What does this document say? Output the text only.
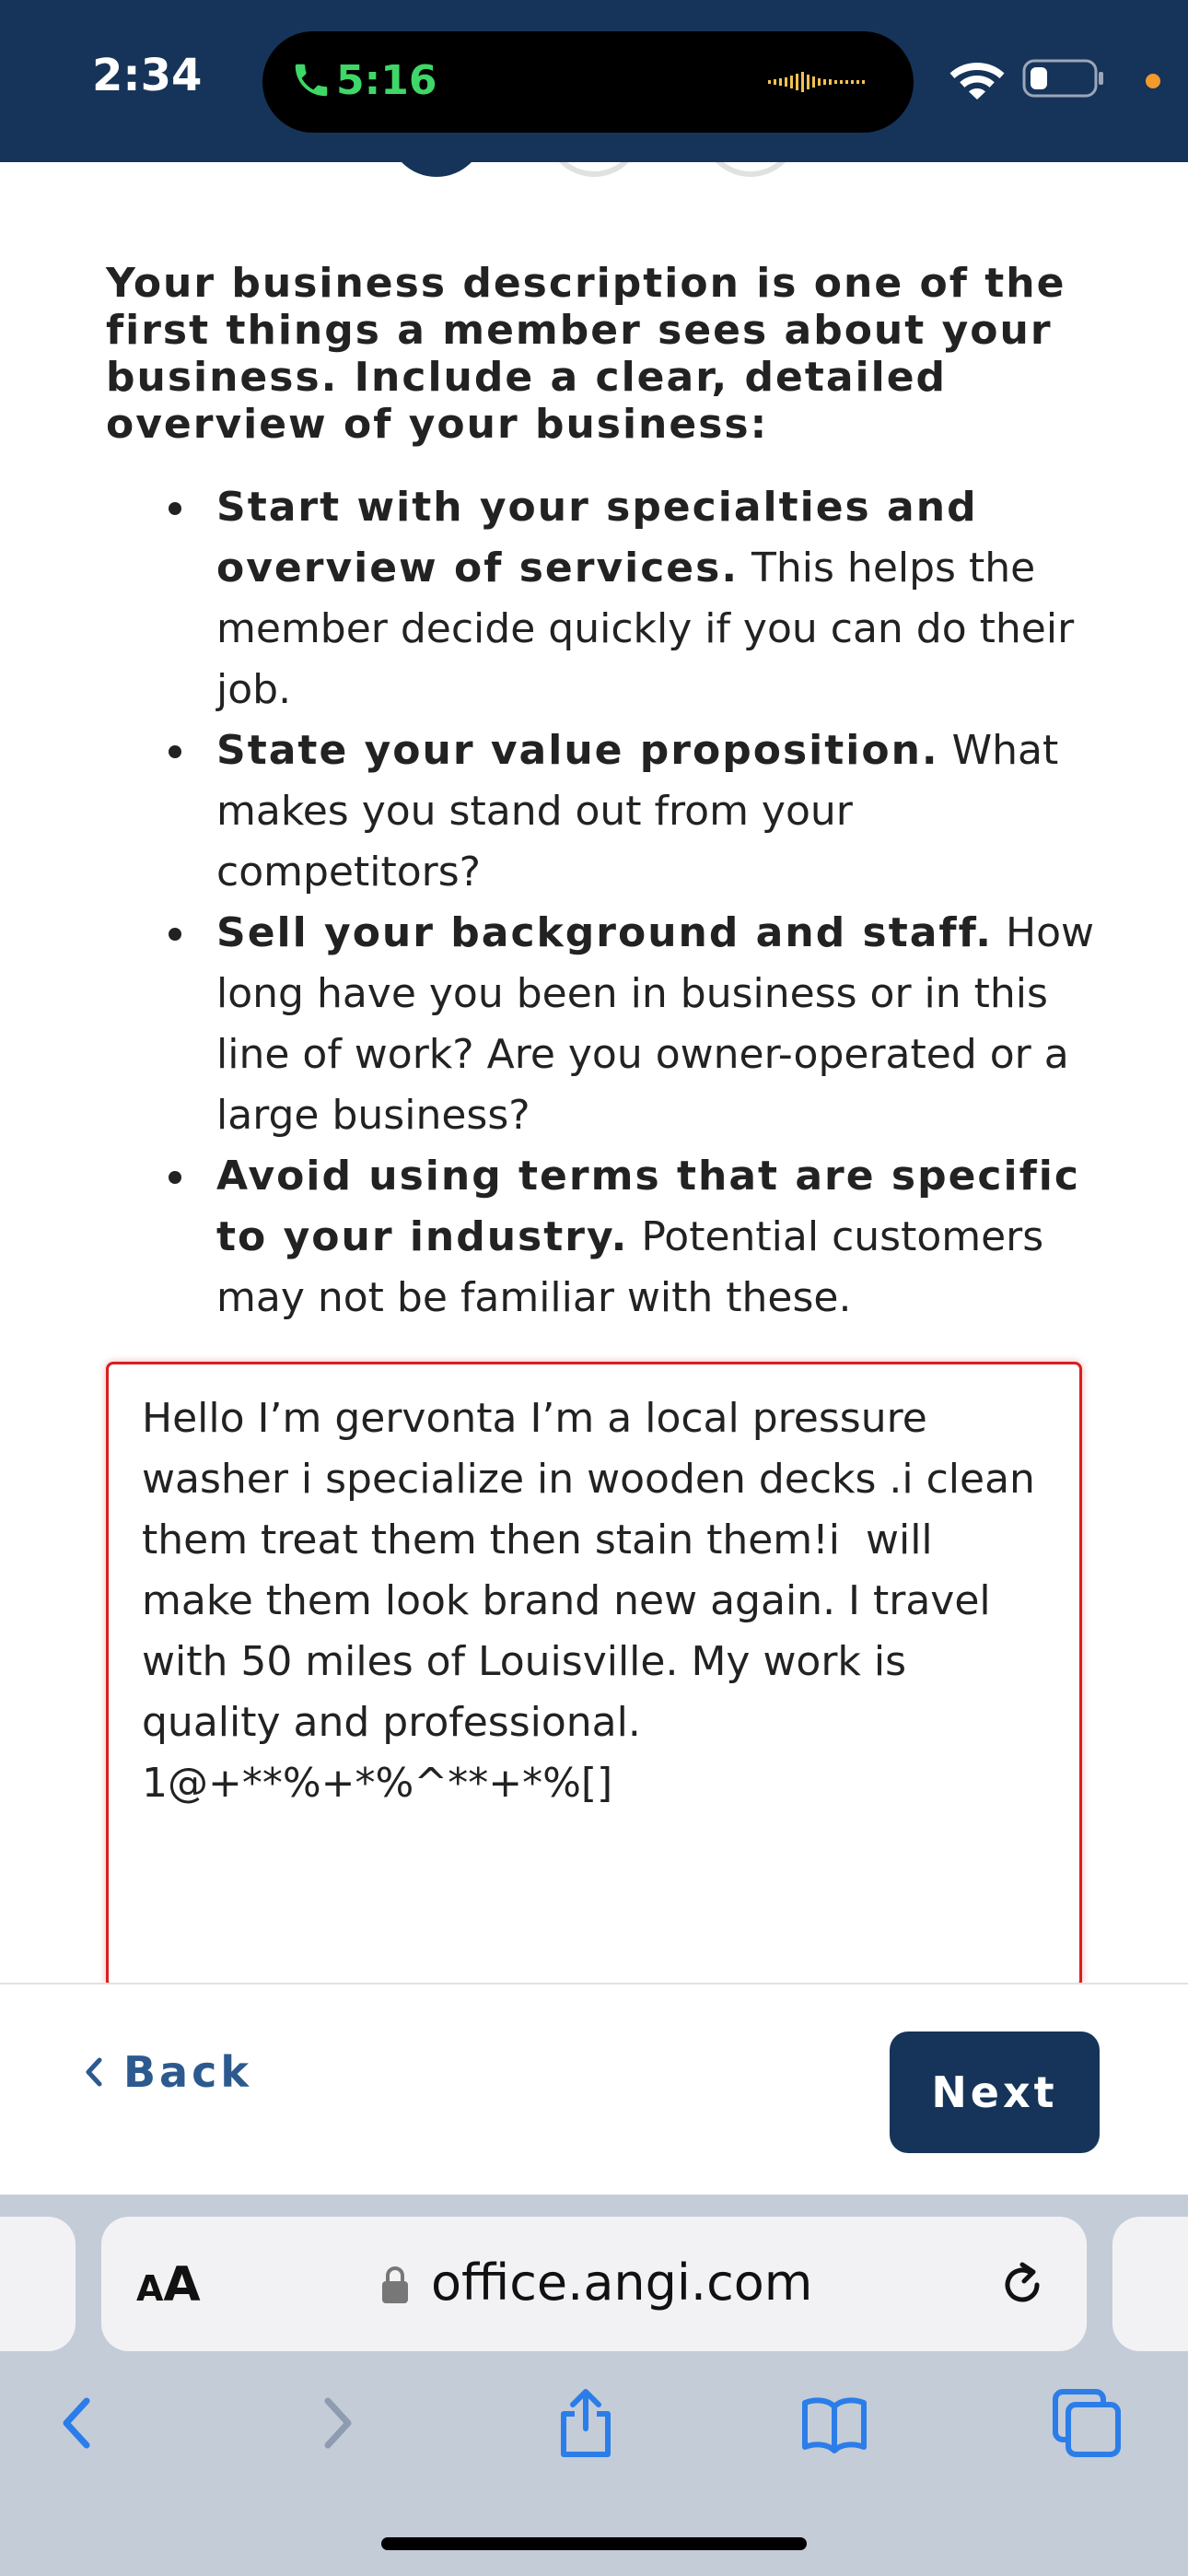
2:34	5:16
Your business description is one of the first things a member sees about your business. Include a clear, detailed overview of your business:
Start with your specialties and overview of services. This helps the member decide quickly if you can do their job.
State your value proposition. What makes you stand out from your competitors?
Sell your background and staff. How long have you been in business or in this line of work? Are you owner-operated or a large business?
Avoid using terms that are specific to your industry. Potential customers may not be familiar with these.
Hello I’m gervonta I’m a local pressure washer i specialize in wooden decks .i clean them treat them then stain them!i  will make them look brand new again. I travel with 50 miles of Louisville. My work is quality and professional. 1@+**%+*%^**+*%[]
Back	Next
AA	office.angi.com
